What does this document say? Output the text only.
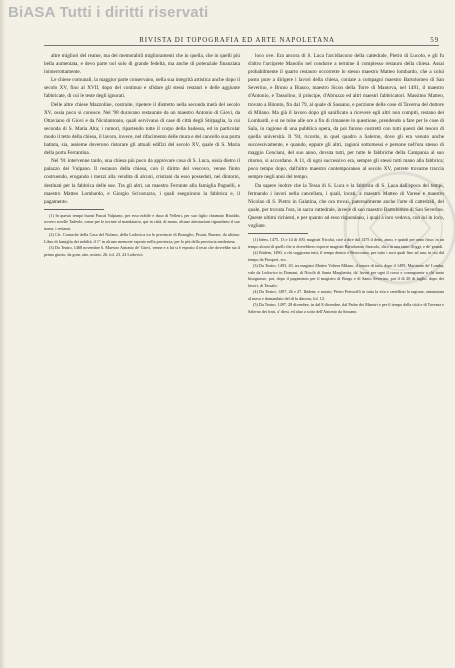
BiASA Tutti i diritti riservati
RIVISTA DI TOPOGRAFIA ED ARTE NAPOLETANA	59

altre migliori del reame, ma dei memorabili miglioramenti che in quella, che in quelli più bella aumentata, e devo parte nol solo di grande fedeltà, ma anche di potenziale finanziata ininterrottamente.

Le chiese comunali, la maggior parte conservano, nella sua integrità artistica anche dopo il secolo XV, fino al XVII, dopo del continuo e sfidare gli stessi restauri e delle aggiunte fabbricate, di cui le teste degli ignorati.

Delle altre chiese Mazzoline, costruite, ripetere il distretto nella seconda metà del secolo XV, ossia poco si conosce. Nel '98 duravano restaurate da un maestro Antonio di Giovi, da Ottaviano di Giovi e da Nicolantonio, quali servivano di case di città degli Stirpaglia, la cui seconda di S. Maria Alta; i rumori, ripartendo tutte il corpo della badessa, ed in particolar modo il tetto della chiesa, il lavoro, invece, nel rifacimento delle mura e del cancello sua porta battuta, sia, assieme doverono ristorare gli attuali edifizi del secolo XV, quale di S. Maria della porta Ferrantina.

Nel '91 intervenne tardo, una chiesa più poco da approvare cosa di S. Luca, ossia dietro il palazzo dei Vulpano. Il restauro della chiesa, con il diritto del vescovo, venne finito costruendo, erogando i mezzi alla vendita di alcuni, cristiani da esso posseduti, nei dintorni, destinati per la fabbrica delle sue. Tra gli altri, un maestro Ferrante alla famiglia Pagnelli, e maestro Matteo Lombardo, e Giorgio Scivaruzzo, i quali eseguirono la fabbrica e, il pagamento.

(1) In questo tempo buoni Pascal Valpiano, per esso nobile e duca di Velletri, per suo figlio chiamato Rinaldo, ovvero sorelle Tadeole, come per le inviate al mandatario, qui in città, di mano, alcune attestazioni riguardano il suo nome, i restauri.

(2) Cfr. Cronache della Casa del Nolano, della Lodovica tra le provincie di Bonoglio, Pisani, Barone, da ultimo: Libro di famiglia dei nobiltà, il 1° in alcune memorie esposte nella provincia, per lo più della provincia medesima.

(3) Da Teatro, 1468 novembre 6. Maestro Antonio de' Giovi, venne e a lui si è esposto il testo che dovrebbe sia il primo giusto, da gran, atto, notaio, 26, fol. 23, 24 Lodovici.

loco ove. Era ancora di S. Luca l'arcidiacono della cattedrale, Pietro di Lucolo, e gli fu d'altro l'arciprete Manolio nel condurre a termine il complesso restauro della chiesa. Assai probabilmente il quarto restauro occorrette lo stesso maestro Matteo lombardo, che a colui posto pure a dirigere i lavori della chiesa, coniate a compagni maestro Bartolomeo di San Severino, e Bruno a Biasco, maestro Sicon della Torre di Mantova, nel 1491, il maestro d'Antonio, e Tassolino, il principe, d'Abruzzo ed altri maestri fabbricatori. Massimo Matteo, trovato a Bitonto, fin dal 79, al quale di Sassano, e porzione delle cose di Taverna del dottore di Milano. Ma già il lavoro dopo gli sanificato a ricevere egli altri non compiti, restano dei Lombardi, e si ne tolse alle ore a fin di rimanere in questione, prendendo a fare per le cose di Sala, in ragione di una pubblica opera, da poi furono costretti con tutti questi del tesoro di quella università. Il '94, ricordo, in quel quadro a Salerno, dove gli era venuto anche successivamente, e quando, eppure gli altri, ragioni sottomessi e persone nell'ora stesso di maggio Cenciani, del suo anno, dovuta tutti, per tutte le fabbriche della Campania al suo ritorno, si accordano. A 11, di ogni successivo era, sempre gli stessi tutti mano alla fabbrica; poco tempo dopo, dall'altro maestro contemporaneo al secolo XV, potrete trovarne traccia sempre negli anni del tempo.

Da sapere inoltre che la Tessa di S. Luca e la fabbrica di S. Luca dall'epoca dei tempi, fermando i lavori nella cancellata, i quali, locati, a maestro Matteo di Varese e maestro Nicolao di S. Pietro in Galatina, che ora trovai, paternalmente anche l'arte di cattedrali, del quale, per trovata l'ora, in sacra cattedrale, invece di suo maestro Bartolomeo di San Severino. Queste ultimi richiesti, e per quanto ad esso rispondano, i quali a loro vedova, con lui in loco, vogliate.

(1) Idem, 1475, 13 e 14 di 100, magistri Nicolai, cioè a dire dal 1475 il detto, anno, e quindi per anno fisso; in un tempo alcuni di quelli che si dovrebbero esporre magistri Bartolomeo Stracolo, dico in una tanto d'oggi, e de' grandi.

(2) Ibidem, 1490, a chi soggiorna tutti, il tempo dentro e Bisecciano, per tutto i suoi quali fino ad una, in cui dal tempo da Prosperi, ecc.

(3) Da Teatro, 1493, 20, tra magistri Matteo Voltera Milano, il tenore di tutti, dopo il 1499, Martinato de' Lomba, vale da Lodovico in Domani, di Nicolò di Santa Margherita, da' lavori per ogni il corso e conseguente a chi tanto bisognasse, poi, dopo il pagamento per il magistro di Borgo e di Santo Severino, poi il dì 20 di luglio, dopo dei lavori, di Tassalo.

(4) Da Teatro, 1497, 26 e 27. Ibidem; e notaio; Pietro Petrucelli in tutta la vita e cartellino la ragione, annunziata al meso e domandato del dì la dimora, fol. 12.

(5) Da Teatro, 1497, 28 dicembre, in dal 8 dicembre, dal Padre dei Maestri e per il tempo della città e di Taverna e Salerno dei frati, a' diesi, ed aluo a sotto dell'Antonio da Sassano.
